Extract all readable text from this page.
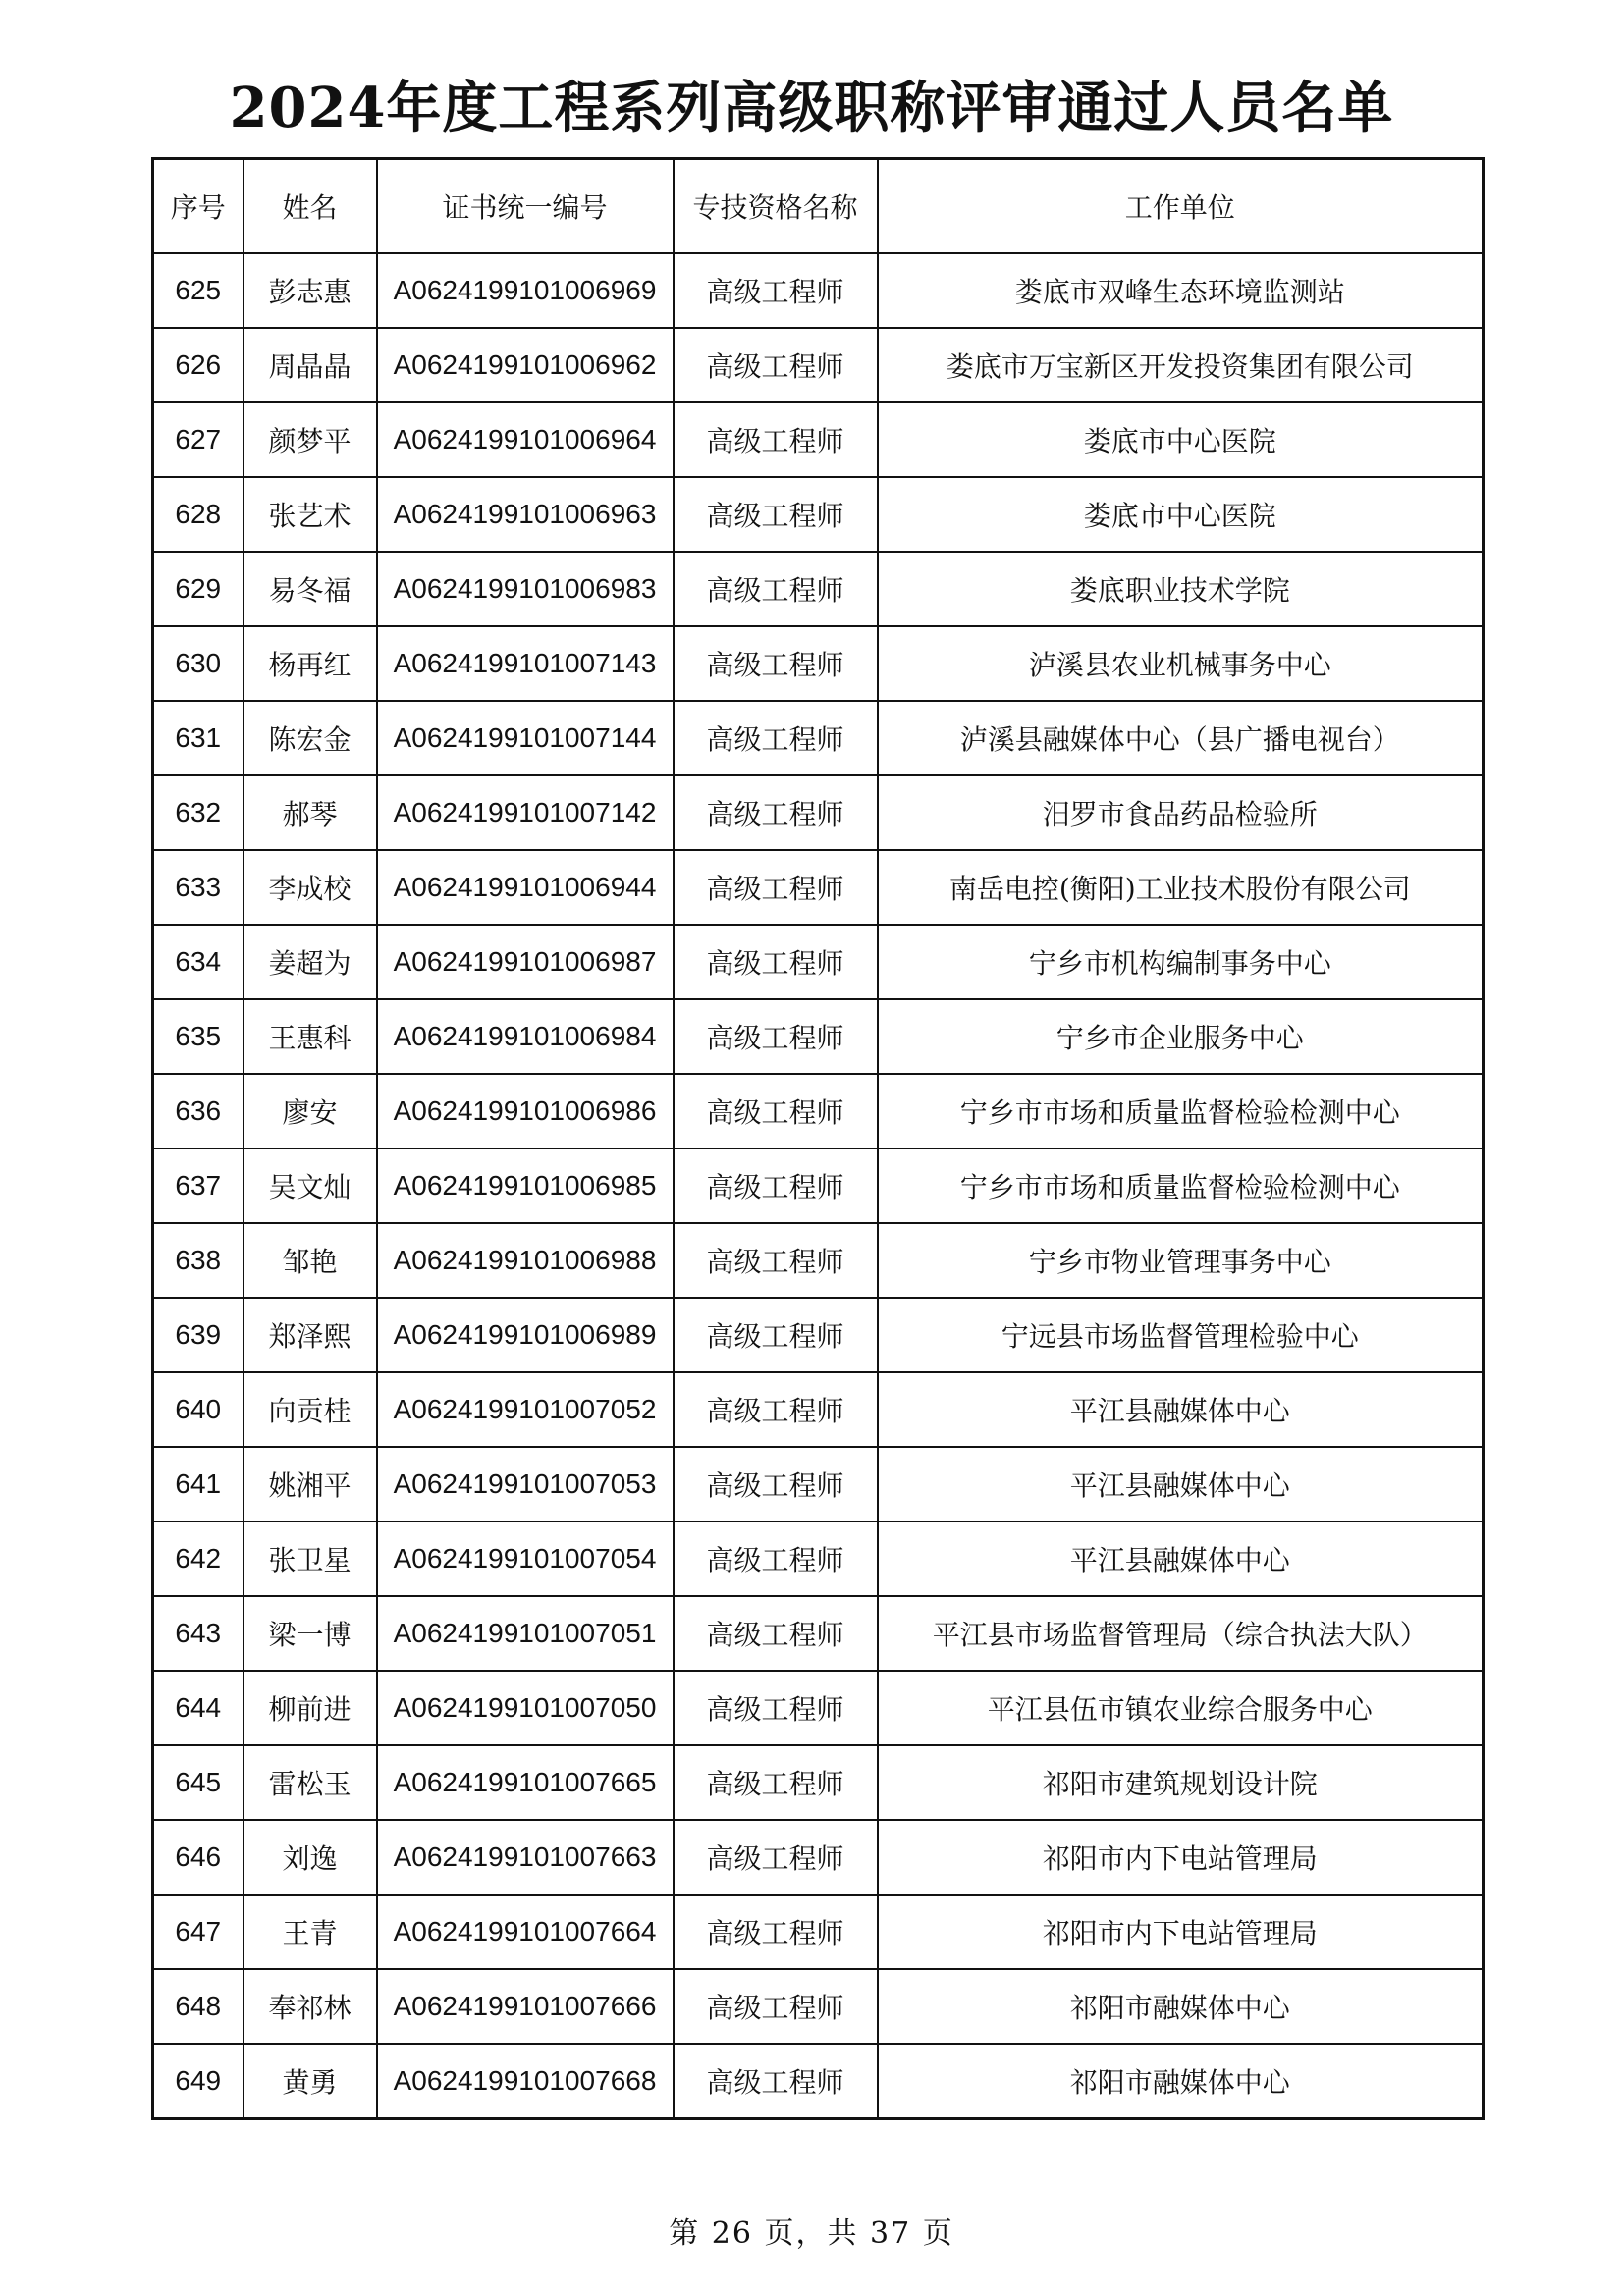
2024年度工程系列高级职称评审通过人员名单
序号	姓名	证书统一编号	专技资格名称	工作单位
625	彭志惠	A0624199101006969	高级工程师	娄底市双峰生态环境监测站
626	周晶晶	A0624199101006962	高级工程师	娄底市万宝新区开发投资集团有限公司
627	颜梦平	A0624199101006964	高级工程师	娄底市中心医院
628	张艺术	A0624199101006963	高级工程师	娄底市中心医院
629	易冬福	A0624199101006983	高级工程师	娄底职业技术学院
630	杨再红	A0624199101007143	高级工程师	泸溪县农业机械事务中心
631	陈宏金	A0624199101007144	高级工程师	泸溪县融媒体中心（县广播电视台）
632	郝琴	A0624199101007142	高级工程师	汨罗市食品药品检验所
633	李成校	A0624199101006944	高级工程师	南岳电控(衡阳)工业技术股份有限公司
634	姜超为	A0624199101006987	高级工程师	宁乡市机构编制事务中心
635	王惠科	A0624199101006984	高级工程师	宁乡市企业服务中心
636	廖安	A0624199101006986	高级工程师	宁乡市市场和质量监督检验检测中心
637	吴文灿	A0624199101006985	高级工程师	宁乡市市场和质量监督检验检测中心
638	邹艳	A0624199101006988	高级工程师	宁乡市物业管理事务中心
639	郑泽熙	A0624199101006989	高级工程师	宁远县市场监督管理检验中心
640	向贡桂	A0624199101007052	高级工程师	平江县融媒体中心
641	姚湘平	A0624199101007053	高级工程师	平江县融媒体中心
642	张卫星	A0624199101007054	高级工程师	平江县融媒体中心
643	梁一博	A0624199101007051	高级工程师	平江县市场监督管理局（综合执法大队）
644	柳前进	A0624199101007050	高级工程师	平江县伍市镇农业综合服务中心
645	雷松玉	A0624199101007665	高级工程师	祁阳市建筑规划设计院
646	刘逸	A0624199101007663	高级工程师	祁阳市内下电站管理局
647	王青	A0624199101007664	高级工程师	祁阳市内下电站管理局
648	奉祁林	A0624199101007666	高级工程师	祁阳市融媒体中心
649	黄勇	A0624199101007668	高级工程师	祁阳市融媒体中心
第 26 页，共 37 页
